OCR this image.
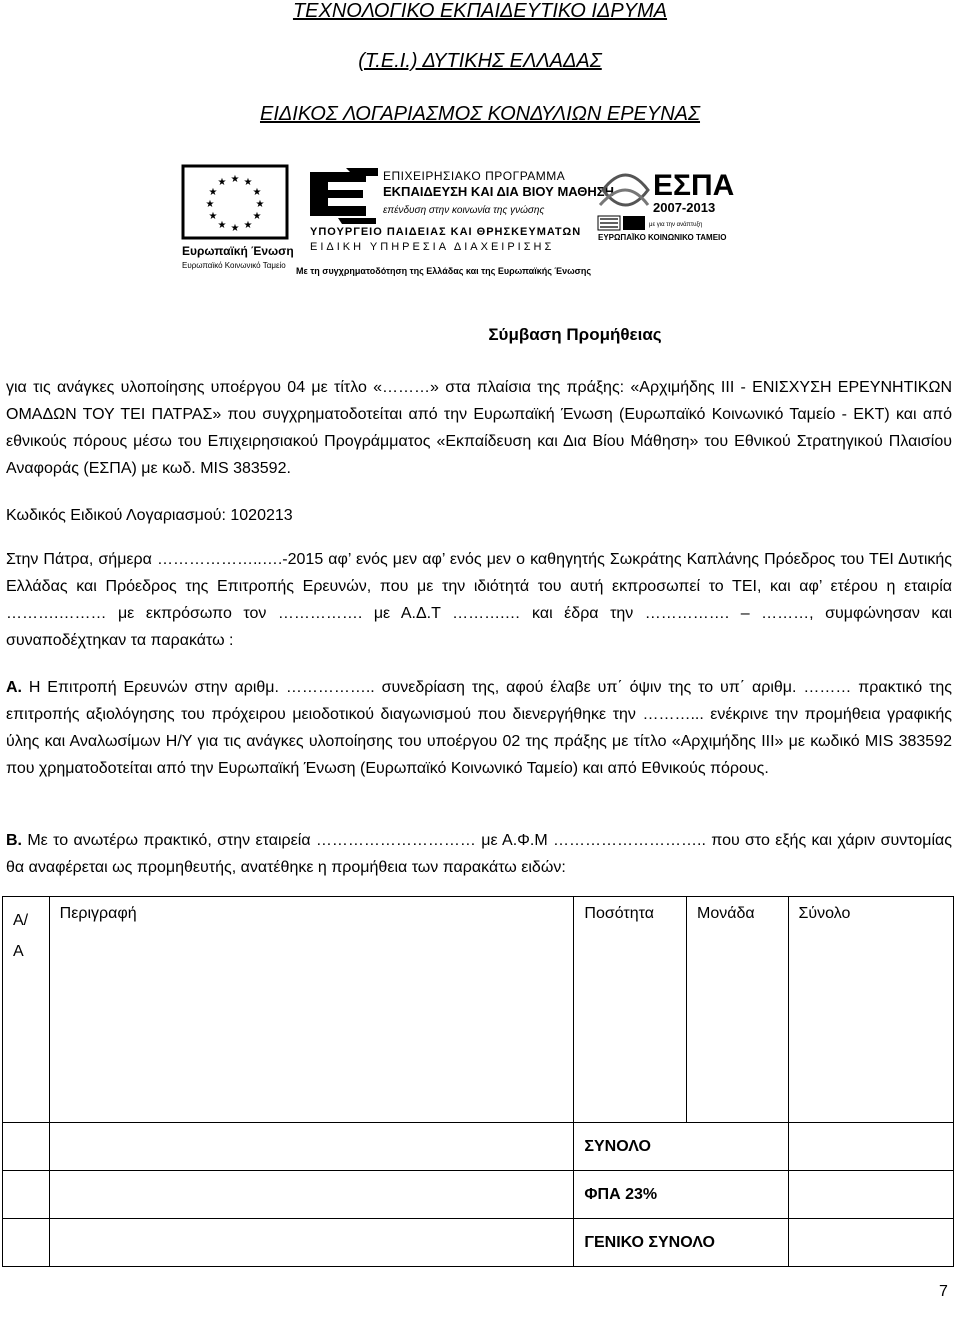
ΤΕΧΝΟΛΟΓΙΚΟ ΕΚΠΑΙΔΕΥΤΙΚΟ ΙΔΡΥΜΑ
(Τ.Ε.Ι.) ΔΥΤΙΚΗΣ ΕΛΛΑΔΑΣ
ΕΙΔΙΚΟΣ ΛΟΓΑΡΙΑΣΜΟΣ ΚΟΝΔΥΛΙΩΝ ΕΡΕΥΝΑΣ
★ ★
★
★
★
★
★
★
★
★
★
★
Ευρωπαϊκή Ένωση
Ευρωπαϊκό Κοινωνικό Ταμείο
ΕΠΙΧΕΙΡΗΣΙΑΚΟ ΠΡΟΓΡΑΜΜΑ
ΕΚΠΑΙΔΕΥΣΗ ΚΑΙ ΔΙΑ ΒΙΟΥ ΜΑΘΗΣΗ
επένδυση στην κοινωνία της γνώσης
ΥΠΟΥΡΓΕΙΟ ΠΑΙΔΕΙΑΣ ΚΑΙ ΘΡΗΣΚΕΥΜΑΤΩΝ
ΕΙΔΙΚΗ ΥΠΗΡΕΣΙΑ ΔΙΑΧΕΙΡΙΣΗΣ
Με τη συγχρηματοδότηση της Ελλάδας και της Ευρωπαϊκής Ένωσης
ΕΣΠΑ
2007-2013
με για την ανάπτυξη
ΕΥΡΩΠΑΪΚΟ ΚΟΙΝΩΝΙΚΟ ΤΑΜΕΙΟ
Σύμβαση Προμήθειας
για τις ανάγκες υλοποίησης υποέργου 04 με τίτλο «………» στα πλαίσια της πράξης: «Αρχιμήδης ΙΙΙ - ΕΝΙΣΧΥΣΗ ΕΡΕΥΝΗΤΙΚΩΝ ΟΜΑΔΩΝ ΤΟΥ ΤΕΙ ΠΑΤΡΑΣ» που συγχρηματοδοτείται από την Ευρωπαϊκή Ένωση (Ευρωπαϊκό Κοινωνικό Ταμείο - ΕΚΤ) και από εθνικούς πόρους μέσω του Επιχειρησιακού Προγράμματος «Εκπαίδευση και Δια Βίου Μάθηση» του Εθνικού Στρατηγικού Πλαισίου Αναφοράς (ΕΣΠΑ) με κωδ. MIS 383592.
Κωδικός Ειδικού Λογαριασμού: 1020213
Στην Πάτρα, σήμερα ………………..….-2015 αφ’ ενός μεν αφ’ ενός μεν ο καθηγητής Σωκράτης Καπλάνης Πρόεδρος του ΤΕΙ Δυτικής Ελλάδας και Πρόεδρος της Επιτροπής Ερευνών, που με την ιδιότητά του αυτή εκπροσωπεί το ΤΕΙ, και αφ’ ετέρου η εταιρία ……….……… με εκπρόσωπο τον ……………. με Α.Δ.Τ ……….… και έδρα την ……………. – ………, συμφώνησαν και συναποδέχτηκαν τα παρακάτω :
Α. Η Επιτροπή Ερευνών στην αριθμ. …………….. συνεδρίαση της, αφού έλαβε υπ΄ όψιν της το υπ΄ αριθμ. ……… πρακτικό της επιτροπής αξιολόγησης του πρόχειρου μειοδοτικού διαγωνισμού που διενεργήθηκε την ………... ενέκρινε την προμήθεια γραφικής ύλης και Αναλωσίμων Η/Υ για τις ανάγκες υλοποίησης του υποέργου 02 της πράξης με τίτλο «Αρχιμήδης ΙΙΙ» με κωδικό MIS 383592 που χρηματοδοτείται από την Ευρωπαϊκή Ένωση (Ευρωπαϊκό Κοινωνικό Ταμείο) και από Εθνικούς πόρους.
Β. Με το ανωτέρω πρακτικό, στην εταιρεία ………………………… με Α.Φ.Μ ……………………….. που στο εξής και χάριν συντομίας θα αναφέρεται ως προμηθευτής, ανατέθηκε η προμήθεια των παρακάτω ειδών:
Α/Α	Περιγραφή	Ποσότητα	Μονάδα	Σύνολο
		ΣΥΝΟΛΟ		
		ΦΠΑ 23%		
		ΓΕΝΙΚΟ ΣΥΝΟΛΟ		
7
